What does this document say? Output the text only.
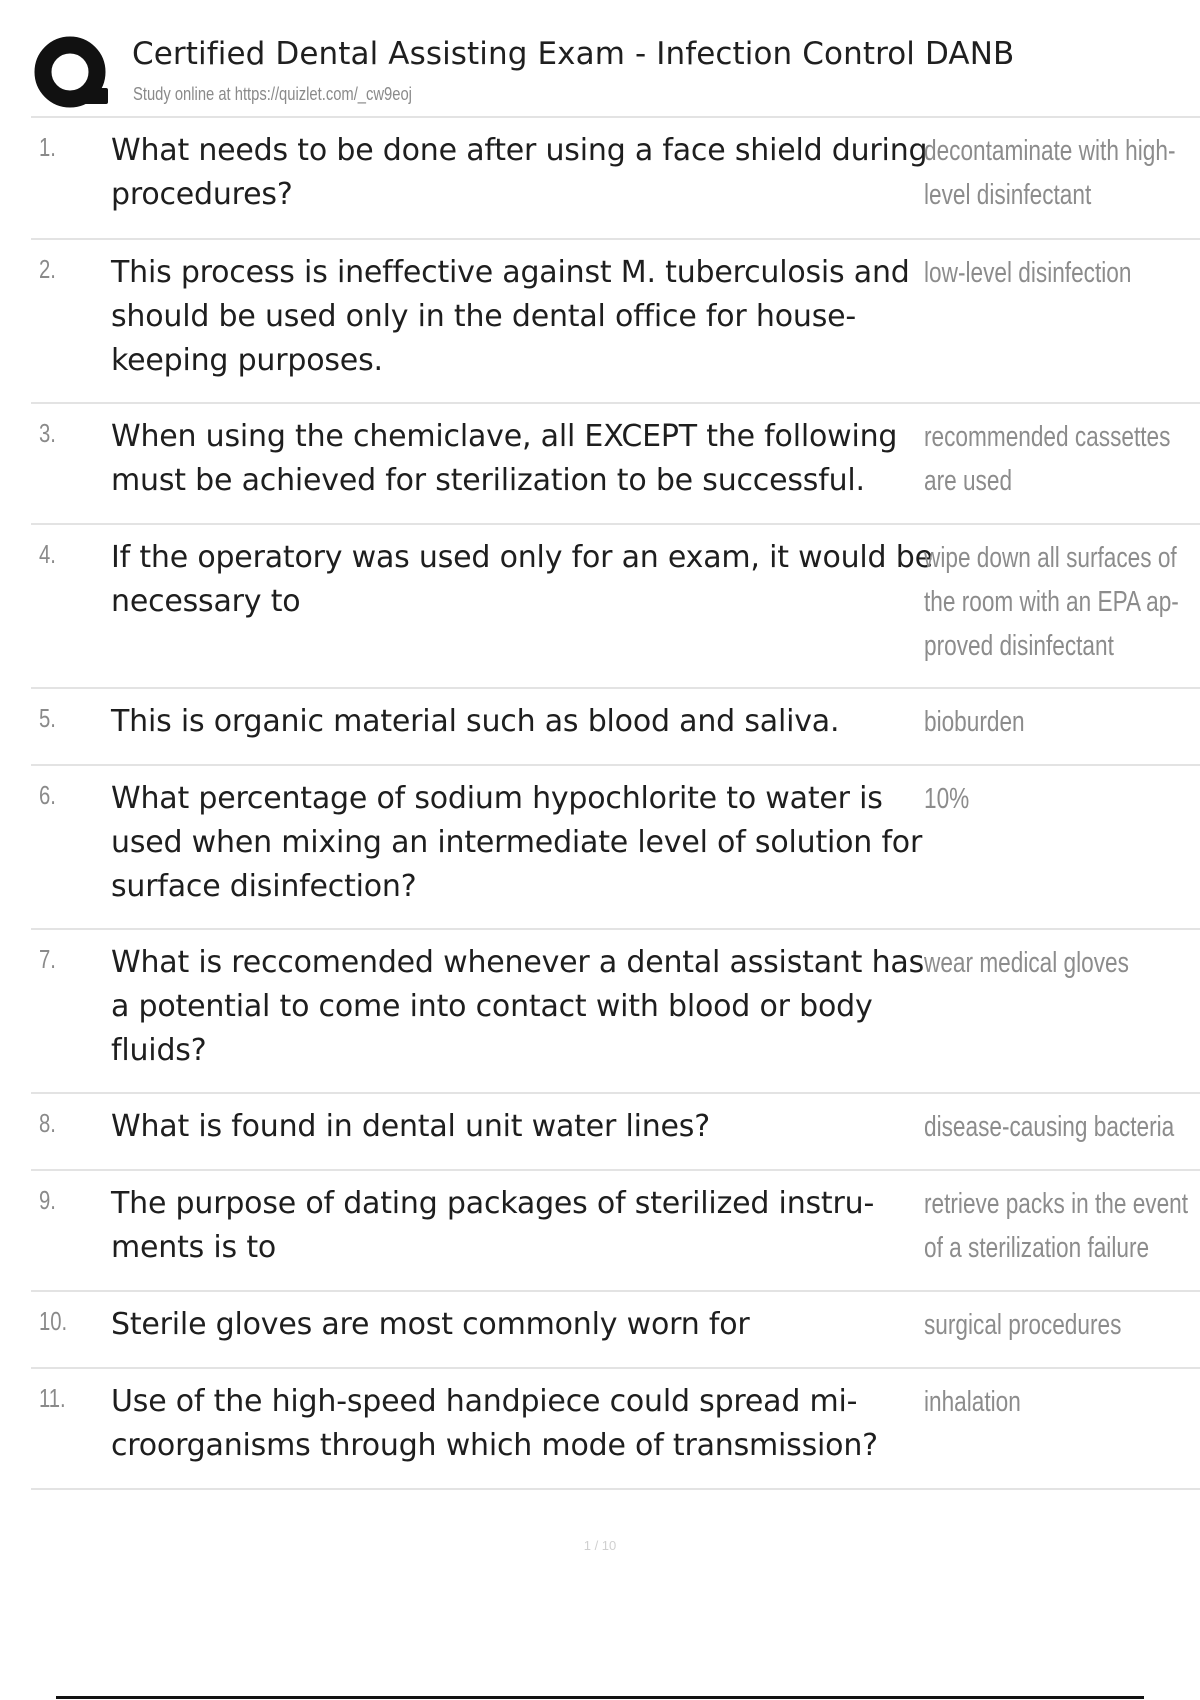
Certified Dental Assisting Exam - Infection Control DANB
Study online at https://quizlet.com/_cw9eoj
1. What needs to be done after using a face shield during procedures?
decontaminate with high-level disinfectant
2. This process is ineffective against M. tuberculosis and should be used only in the dental office for house-keeping purposes.
low-level disinfection
3. When using the chemiclave, all EXCEPT the following must be achieved for sterilization to be successful.
recommended cassettes are used
4. If the operatory was used only for an exam, it would be necessary to
wipe down all surfaces of the room with an EPA ap-proved disinfectant
5. This is organic material such as blood and saliva.	bioburden
6. What percentage of sodium hypochlorite to water is used when mixing an intermediate level of solution for surface disinfection?
10%
7. What is reccomended whenever a dental assistant has a potential to come into contact with blood or body fluids?
wear medical gloves
8. What is found in dental unit water lines?	disease-causing bacteria
9. The purpose of dating packages of sterilized instru-ments is to
retrieve packs in the event of a sterilization failure
10. Sterile gloves are most commonly worn for	surgical procedures
11. Use of the high-speed handpiece could spread mi-croorganisms through which mode of transmission?
inhalation
1 / 10
